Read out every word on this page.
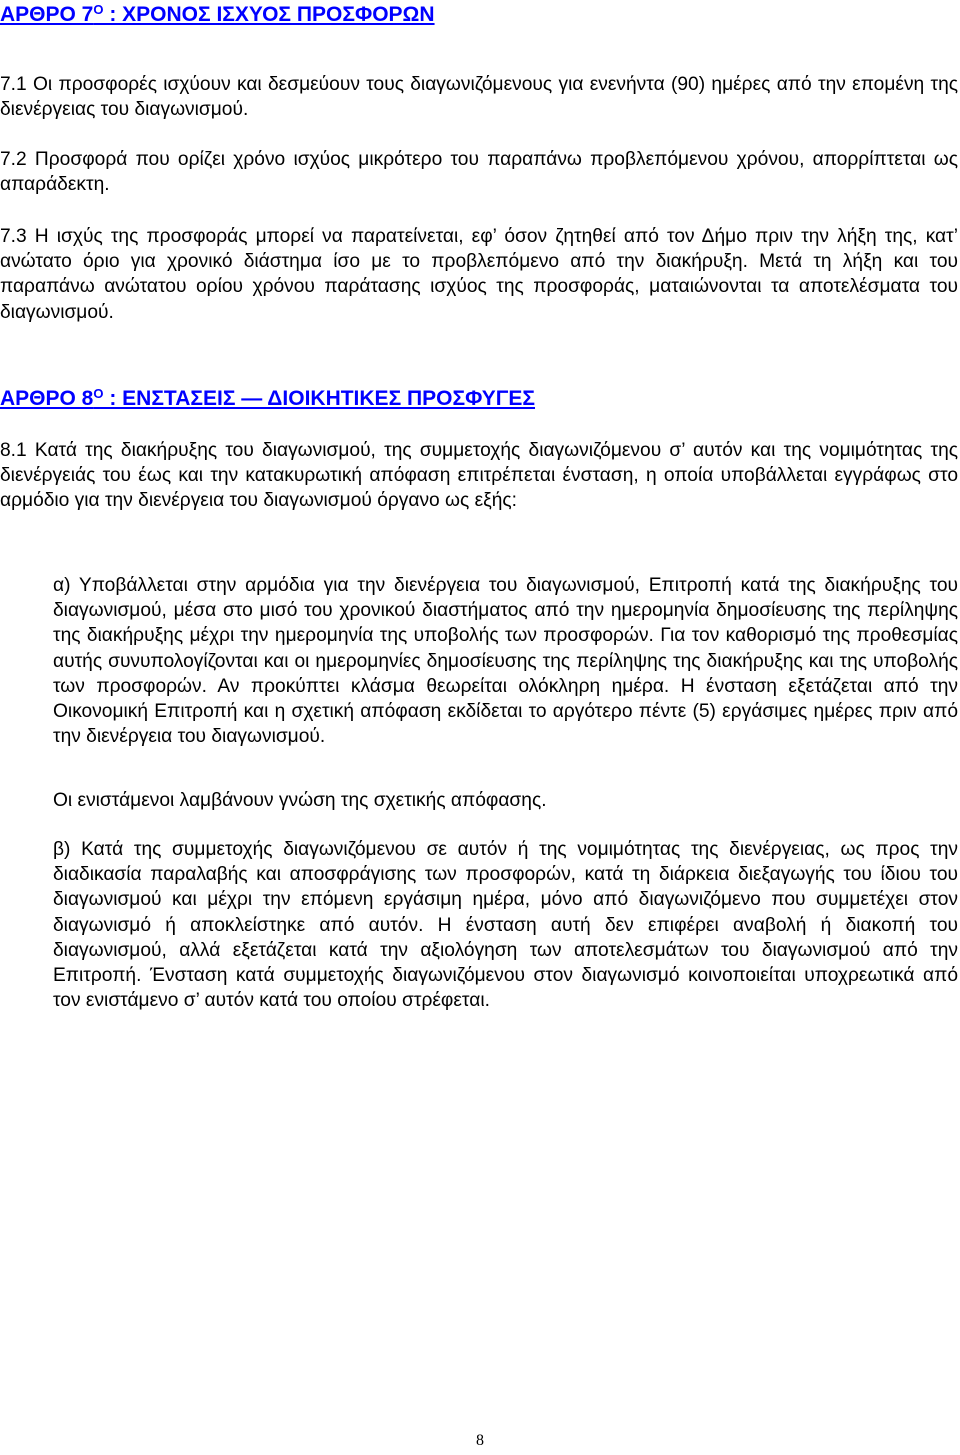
ΑΡΘΡΟ $7^O$ : ΧΡΟΝΟΣ ΙΣΧΥΟΣ ΠΡΟΣΦΟΡΩΝ

7.1 Οι προσφορές ισχύουν και δεσμεύουν τους διαγωνιζόμενους για ενενήντα (90) ημέρες από την επομένη της διενέργειας του διαγωνισμού.

7.2 Προσφορά που ορίζει χρόνο ισχύος μικρότερο του παραπάνω προβλεπόμενου χρόνου, απορρίπτεται ως απαράδεκτη.

7.3 Η ισχύς της προσφοράς μπορεί να παρατείνεται, εφ’ όσον ζητηθεί από τον Δήμο πριν την λήξη της, κατ’ ανώτατο όριο για χρονικό διάστημα ίσο με το προβλεπόμενο από την διακήρυξη. Μετά τη λήξη και του παραπάνω ανώτατου ορίου χρόνου παράτασης ισχύος της προσφοράς, ματαιώνονται τα αποτελέσματα του διαγωνισμού.

ΑΡΘΡΟ $8^O$ : ΕΝΣΤΑΣΕΙΣ — ΔΙΟΙΚΗΤΙΚΕΣ ΠΡΟΣΦΥΓΕΣ

8.1 Κατά της διακήρυξης του διαγωνισμού, της συμμετοχής διαγωνιζόμενου σ’ αυτόν και της νομιμότητας της διενέργειάς του έως και την κατακυρωτική απόφαση επιτρέπεται ένσταση, η οποία υποβάλλεται εγγράφως στο αρμόδιο για την διενέργεια του διαγωνισμού όργανο ως εξής:

α) Υποβάλλεται στην αρμόδια για την διενέργεια του διαγωνισμού, Επιτροπή κατά της διακήρυξης του διαγωνισμού, μέσα στο μισό του χρονικού διαστήματος από την ημερομηνία δημοσίευσης της περίληψης της διακήρυξης μέχρι την ημερομηνία της υποβολής των προσφορών. Για τον καθορισμό της προθεσμίας αυτής συνυπολογίζονται και οι ημερομηνίες δημοσίευσης της περίληψης της διακήρυξης και της υποβολής των προσφορών. Αν προκύπτει κλάσμα θεωρείται ολόκληρη ημέρα. Η ένσταση εξετάζεται από την Οικονομική Επιτροπή και η σχετική απόφαση εκδίδεται το αργότερο πέντε (5) εργάσιμες ημέρες πριν από την διενέργεια του διαγωνισμού.

Οι ενιστάμενοι λαμβάνουν γνώση της σχετικής απόφασης.

β) Κατά της συμμετοχής διαγωνιζόμενου σε αυτόν ή της νομιμότητας της διενέργειας, ως προς την διαδικασία παραλαβής και αποσφράγισης των προσφορών, κατά τη διάρκεια διεξαγωγής του ίδιου του διαγωνισμού και μέχρι την επόμενη εργάσιμη ημέρα, μόνο από διαγωνιζόμενο που συμμετέχει στον διαγωνισμό ή αποκλείστηκε από αυτόν. Η ένσταση αυτή δεν επιφέρει αναβολή ή διακοπή του διαγωνισμού, αλλά εξετάζεται κατά την αξιολόγηση των αποτελεσμάτων του διαγωνισμού από την Επιτροπή. Ένσταση κατά συμμετοχής διαγωνιζόμενου στον διαγωνισμό κοινοποιείται υποχρεωτικά από τον ενιστάμενο σ’ αυτόν κατά του οποίου στρέφεται.

8
